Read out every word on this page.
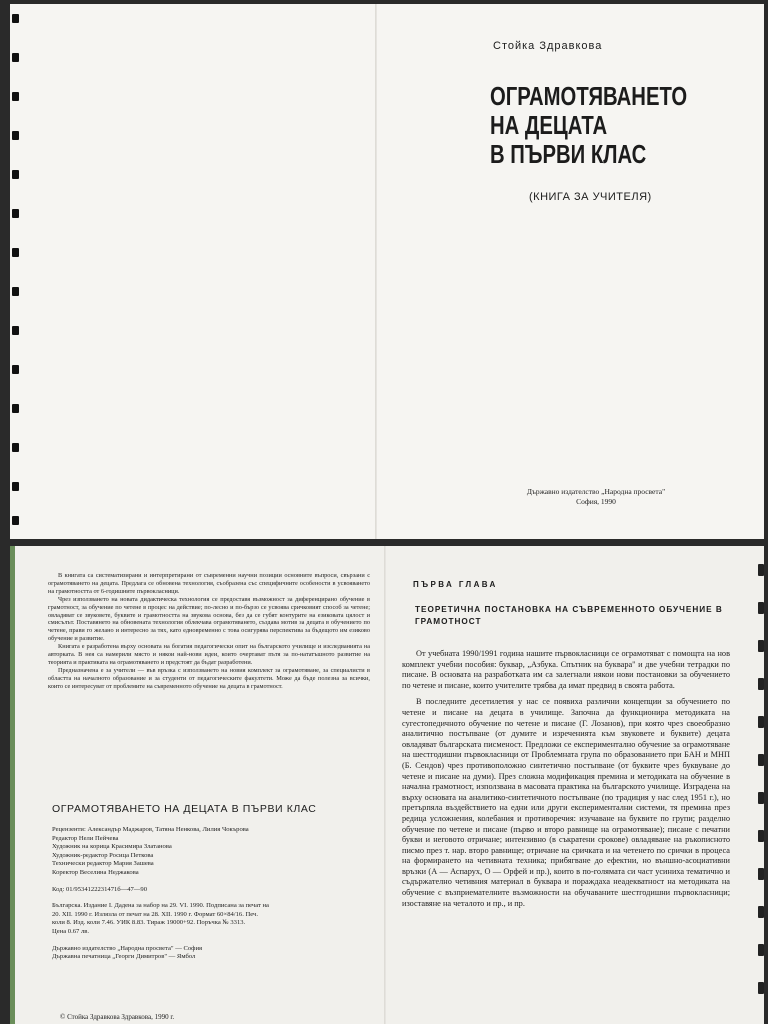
Стойка Здравкова
ОГРАМОТЯВАНЕТО
НА ДЕЦАТА
В ПЪРВИ КЛАС
(КНИГА ЗА УЧИТЕЛЯ)
Държавно издателство „Народна просвета"
София, 1990

В книгата са систематизирани и интерпретирани от съвременни научни позиции основните въпроси, свързани с ограмотяването на децата. Предлага се обновена технология, съобразена със специфичните особености в усвояването на грамотността от 6-годишните първокласници.

Чрез използването на новата дидактическа технология се предоставя възможност за диференцирано обучение в грамотност, за обучение по четене в процес на действие; по-лесно и по-бързо се усвоява сричковият способ за четене; овладяват се звуковете, буквите и грамотността на звукова основа, без да се губят контурите на езиковата цялост и смисълът. Поставянето на обновената технология облекчава ограмотяването, създава мотив за децата в обучението по четене, прави го желано и интересно за тях, като едновременно с това осигурява перспектива за бъдещото им езиково обучение и развитие.

Книгата е разработена върху основата на богатия педагогически опит на българското училище и изследванията на авторката. В нея са намерили място и някои най-нови идеи, които очертават пътя за по-нататъшното развитие на теорията и практиката на ограмотяването и предстоят да бъдат разработени.

Предназначена е за учители — във връзка с използването на новия комплект за ограмотяване, за специалисти в областта на началното образование и за студенти от педагогическите факултети. Може да бъде полезна за всички, които се интересуват от проблемите на съвременното обучение на децата в грамотност.

ОГРАМОТЯВАНЕТО НА ДЕЦАТА В ПЪРВИ КЛАС
Рецензенти: Александър Маджаров, Татяна Ненкова, Лилия Чокърова
Редактор Нели Пейчева
Художник на корица Красимира Златанова
Художник-редактор Росица Петкова
Технически редактор Мария Зашева
Коректор Веселина Неджакова
Код: 01/9534122231471б—47—90
Българска. Издание I. Дадена за набор на 29. VI. 1990. Подписана за печат на
20. XII. 1990 г. Излязла от печат на 28. XII. 1990 г. Формат 60×84/16. Печ.
коли 8. Изд. коли 7.46. УИК 8.83. Тираж 19000+92. Поръчка № 3313.
Цена 0.67 лв.
Държавно издателство „Народна просвета" — София
Държавна печатница „Георги Димитров" — Ямбол
© Стойка Здравкова Здравкова, 1990 г.
ПЪРВА ГЛАВА
ТЕОРЕТИЧНА ПОСТАНОВКА НА СЪВРЕМЕННОТО ОБУЧЕНИЕ В ГРАМОТНОСТ

От учебната 1990/1991 година нашите първокласници се ограмотяват с помощта на нов комплект учебни пособия: буквар, „Азбука. Спътник на буквара" и две учебни тетрадки по писане. В основата на разработката им са залегнали някои нови постановки за обучението по четене и писане, които учителите трябва да имат предвид в своята работа.

В последните десетилетия у нас се появиха различни концепции за обучението по четене и писане на децата в училище. Започна да функционира методиката на сугестопедичното обучение по четене и писане (Г. Лозанов), при която чрез своеобразно аналитично постъпване (от думите и изреченията към звуковете и буквите) децата овладяват българската писменост. Предложи се експериментално обучение за ограмотяване на шестгодишни първокласници от Проблемната група по образованието при БАН и МНП (Б. Сендов) чрез противоположно синтетично постъпване (от буквите чрез буквуване до четене и писане на думи). През сложна модификация премина и методиката на обучение в начална грамотност, използвана в масовата практика на българското училище. Изградена на върху основата на аналитико-синтетичното постъпване (по традиция у нас след 1951 г.), но претърпяла въздействието на едни или други експериментални системи, тя премина през редица усложнения, колебания и противоречия: изучаване на буквите по групи; разделно обучение по четене и писане (първо и второ равнище на ограмотяване); писане с печатни букви и неговото отричане; интензивно (в съкратени срокове) овладяване на ръкописното писмо през т. нар. второ равнище; отричане на сричката и на четенето по срички в процеса на формирането на четивната техника; прибягване до ефектни, но външно-асоциативни връзки (А — Аспарух, О — Орфей и пр.), които в по-голямата си част усиниха тематично и съдържателно четивния материал в буквара и пораждаха неадекватност на методиката на обучение с възприемателните възможности на обучаваните шестгодишни първокласници; изоставяне на четалото и пр., и пр.
